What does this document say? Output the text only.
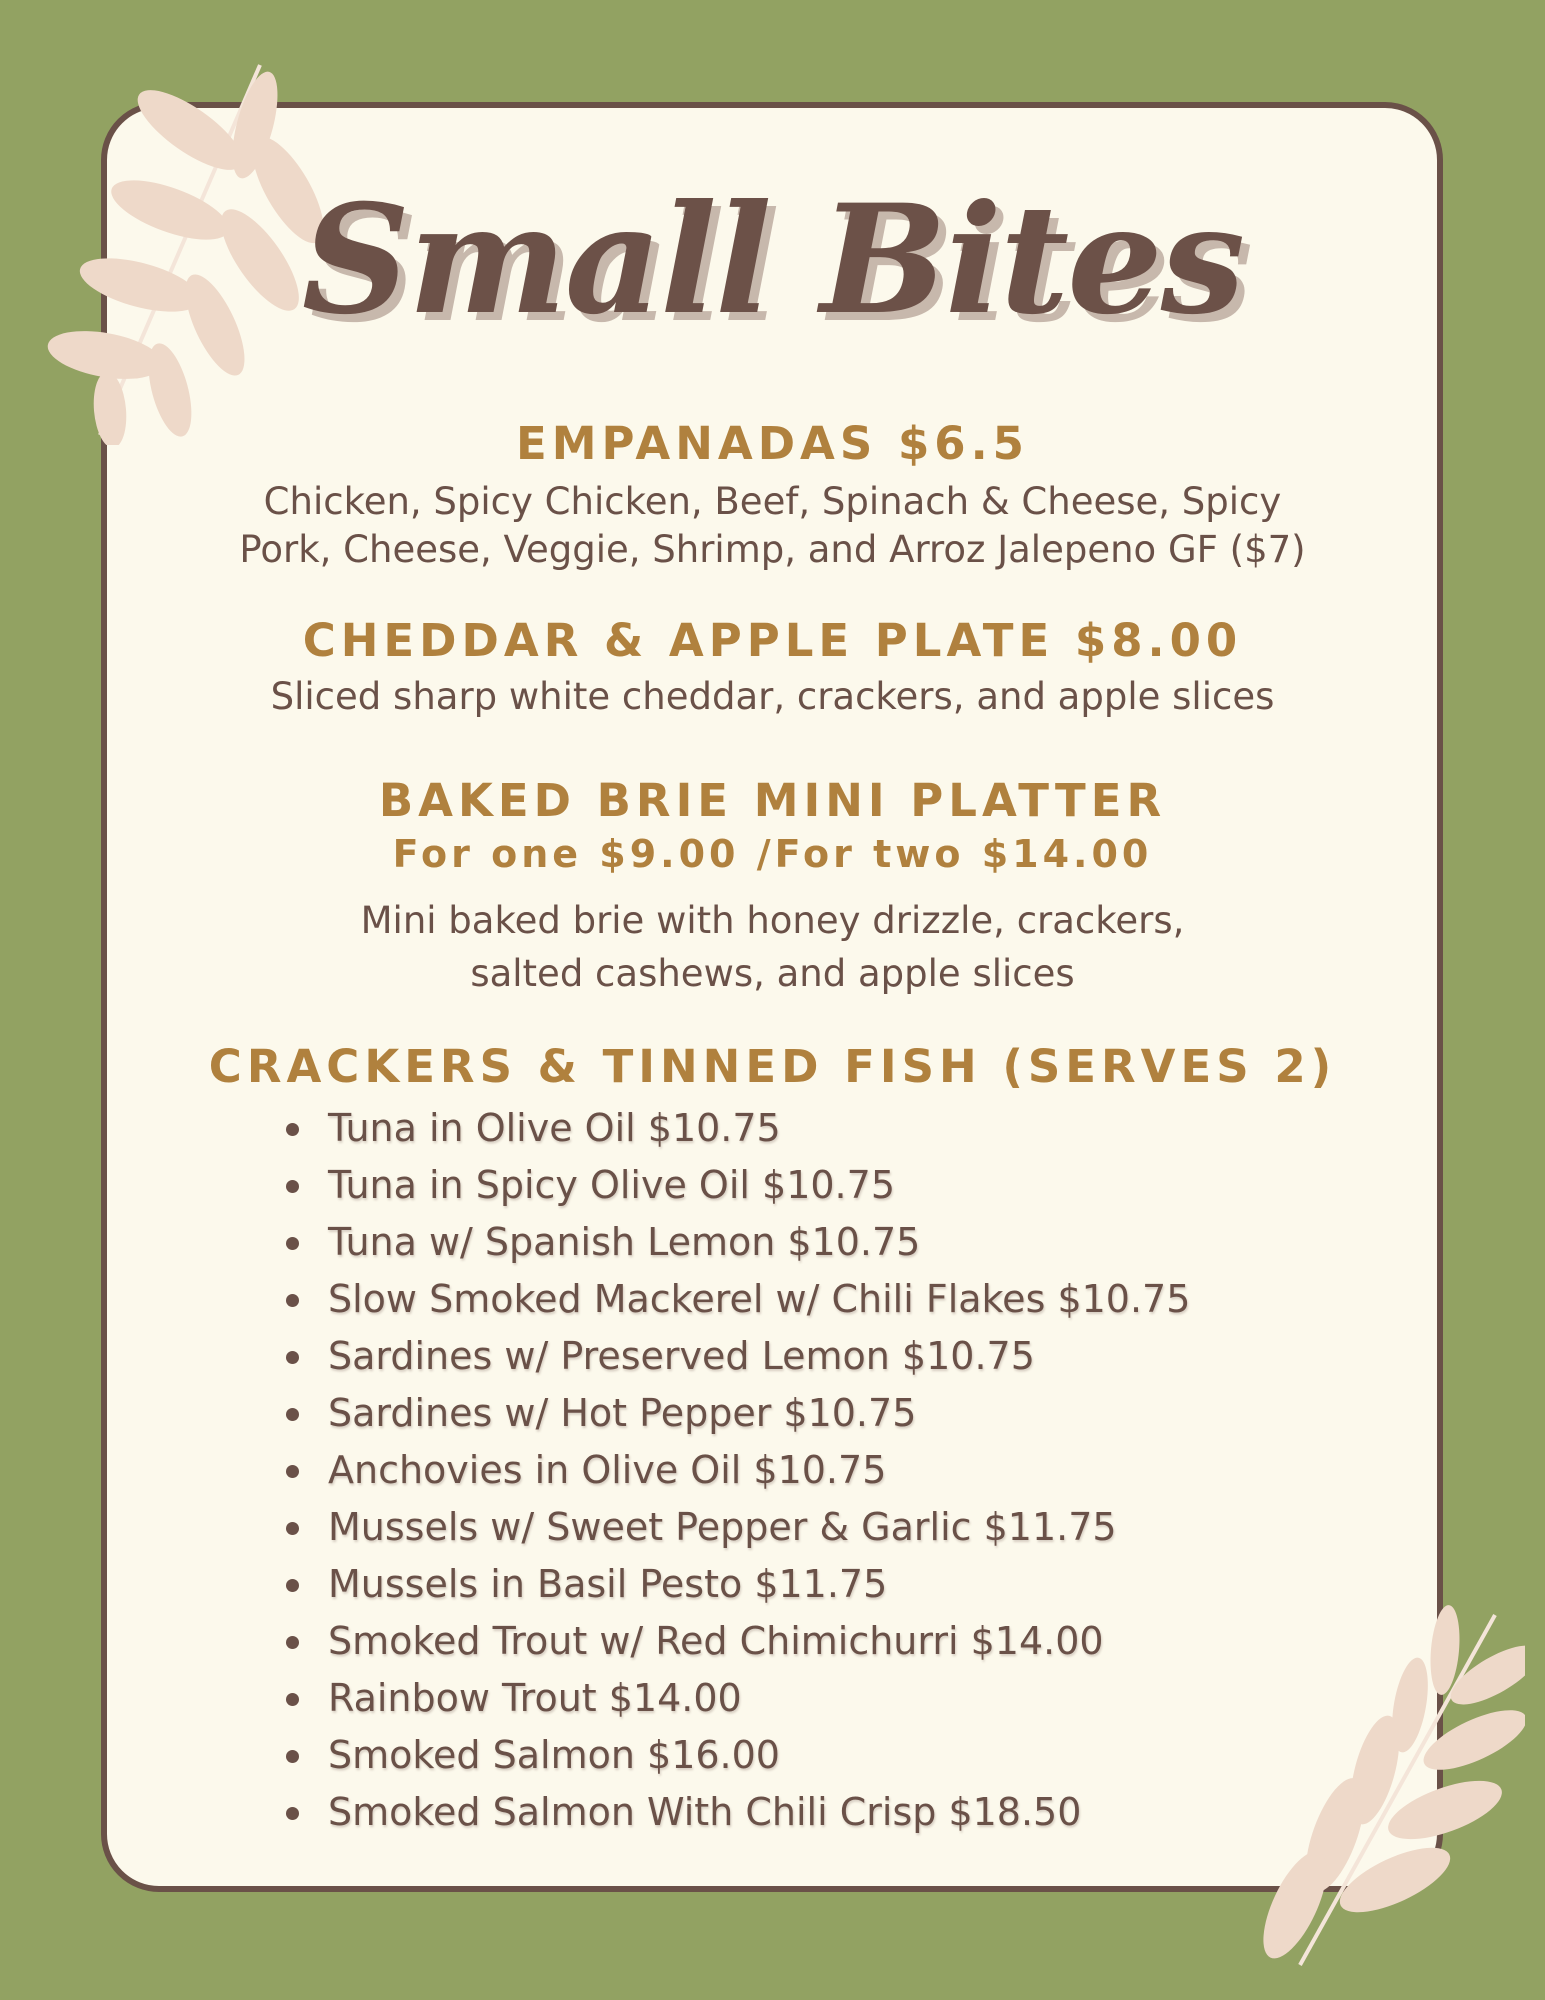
Small Bites
EMPANADAS $6.5

Chicken, Spicy Chicken, Beef, Spinach & Cheese, Spicy

Pork, Cheese, Veggie, Shrimp, and Arroz Jalepeno GF ($7)

CHEDDAR & APPLE PLATE $8.00

Sliced sharp white cheddar, crackers, and apple slices

BAKED BRIE MINI PLATTER
For one $9.00 /For two $14.00

Mini baked brie with honey drizzle, crackers,

salted cashews, and apple slices

CRACKERS & TINNED FISH (SERVES 2)
Tuna in Olive Oil $10.75
Tuna in Spicy Olive Oil $10.75
Tuna w/ Spanish Lemon $10.75
Slow Smoked Mackerel w/ Chili Flakes $10.75
Sardines w/ Preserved Lemon $10.75
Sardines w/ Hot Pepper $10.75
Anchovies in Olive Oil $10.75
Mussels w/ Sweet Pepper & Garlic $11.75
Mussels in Basil Pesto $11.75
Smoked Trout w/ Red Chimichurri $14.00
Rainbow Trout $14.00
Smoked Salmon $16.00
Smoked Salmon With Chili Crisp $18.50
